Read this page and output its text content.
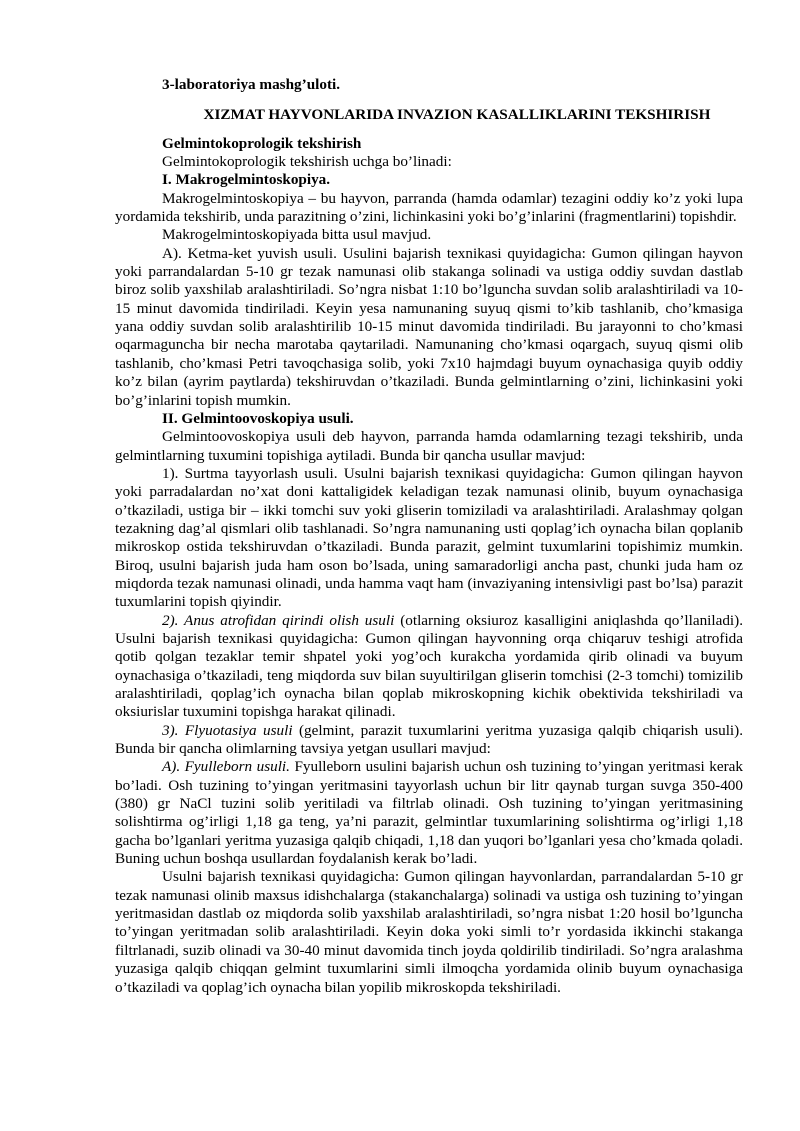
3-laboratoriya mashg’uloti.

XIZMAT HAYVONLARIDA INVAZION KASALLIKLARINI TEKSHIRISH

Gelmintokoprologik tekshirish

Gelmintokoprologik tekshirish uchga bo’linadi:

I. Makrogelmintoskopiya.

Makrogelmintoskopiya – bu hayvon, parranda (hamda odamlar) tezagini oddiy ko’z yoki lupa yordamida tekshirib, unda parazitning o’zini, lichinkasini yoki bo’g’inlarini (fragmentlarini) topishdir.

Makrogelmintoskopiyada bitta usul mavjud.

A). Ketma-ket yuvish usuli. Usulini bajarish texnikasi quyidagicha: Gumon qilingan hayvon yoki parrandalardan 5-10 gr tezak namunasi olib stakanga solinadi va ustiga oddiy suvdan dastlab biroz solib yaxshilab aralashtiriladi. So’ngra nisbat 1:10 bo’lguncha suvdan solib aralashtiriladi va 10-15 minut davomida tindiriladi. Keyin yesa namunaning suyuq qismi to’kib tashlanib, cho’kmasiga yana oddiy suvdan solib aralashtirilib 10-15 minut davomida tindiriladi. Bu jarayonni to cho’kmasi oqarmaguncha bir necha marotaba qaytariladi. Namunaning cho’kmasi oqargach, suyuq qismi olib tashlanib, cho’kmasi Petri tavoqchasiga solib, yoki 7x10 hajmdagi buyum oynachasiga quyib oddiy ko’z bilan (ayrim paytlarda) tekshiruvdan o’tkaziladi. Bunda gelmintlarning o’zini, lichinkasini yoki bo’g’inlarini topish mumkin.

II. Gelmintoovoskopiya usuli.

Gelmintoovoskopiya usuli deb hayvon, parranda hamda odamlarning tezagi tekshirib, unda gelmintlarning tuxumini topishiga aytiladi. Bunda bir qancha usullar mavjud:

1). Surtma tayyorlash usuli. Usulni bajarish texnikasi quyidagicha: Gumon qilingan hayvon yoki parradalardan no’xat doni kattaligidek keladigan tezak namunasi olinib, buyum oynachasiga o’tkaziladi, ustiga bir – ikki tomchi suv yoki gliserin tomiziladi va aralashtiriladi. Aralashmay qolgan tezakning dag’al qismlari olib tashlanadi. So’ngra namunaning usti qoplag’ich oynacha bilan qoplanib mikroskop ostida tekshiruvdan o’tkaziladi. Bunda parazit, gelmint tuxumlarini topishimiz mumkin. Biroq, usulni bajarish juda ham oson bo’lsada, uning samaradorligi ancha past, chunki juda ham oz miqdorda tezak namunasi olinadi, unda hamma vaqt ham (invaziyaning intensivligi past bo’lsa) parazit tuxumlarini topish qiyindir.

2). Anus atrofidan qirindi olish usuli (otlarning oksiuroz kasalligini aniqlashda qo’llaniladi). Usulni bajarish texnikasi quyidagicha: Gumon qilingan hayvonning orqa chiqaruv teshigi atrofida qotib qolgan tezaklar temir shpatel yoki yog’och kurakcha yordamida qirib olinadi va buyum oynachasiga o’tkaziladi, teng miqdorda suv bilan suyultirilgan gliserin tomchisi (2-3 tomchi) tomizilib aralashtiriladi, qoplag’ich oynacha bilan qoplab mikroskopning kichik obektivida tekshiriladi va oksiurislar tuxumini topishga harakat qilinadi.

3). Flyuotasiya usuli (gelmint, parazit tuxumlarini yeritma yuzasiga qalqib chiqarish usuli). Bunda bir qancha olimlarning tavsiya yetgan usullari mavjud:

A). Fyulleborn usuli. Fyulleborn usulini bajarish uchun osh tuzining to’yingan yeritmasi kerak bo’ladi. Osh tuzining to’yingan yeritmasini tayyorlash uchun bir litr qaynab turgan suvga 350-400 (380) gr NaCl tuzini solib yeritiladi va filtrlab olinadi. Osh tuzining to’yingan yeritmasining solishtirma og’irligi 1,18 ga teng, ya’ni parazit, gelmintlar tuxumlarining solishtirma og’irligi 1,18 gacha bo’lganlari yeritma yuzasiga qalqib chiqadi, 1,18 dan yuqori bo’lganlari yesa cho’kmada qoladi. Buning uchun boshqa usullardan foydalanish kerak bo’ladi.

Usulni bajarish texnikasi quyidagicha: Gumon qilingan hayvonlardan, parrandalardan 5-10 gr tezak namunasi olinib maxsus idishchalarga (stakanchalarga) solinadi va ustiga osh tuzining to’yingan yeritmasidan dastlab oz miqdorda solib yaxshilab aralashtiriladi, so’ngra nisbat 1:20 hosil bo’lguncha to’yingan yeritmadan solib aralashtiriladi. Keyin doka yoki simli to’r yordasida ikkinchi stakanga filtrlanadi, suzib olinadi va 30-40 minut davomida tinch joyda qoldirilib tindiriladi. So’ngra aralashma yuzasiga qalqib chiqqan gelmint tuxumlarini simli ilmoqcha yordamida olinib buyum oynachasiga o’tkaziladi va qoplag’ich oynacha bilan yopilib mikroskopda tekshiriladi.
